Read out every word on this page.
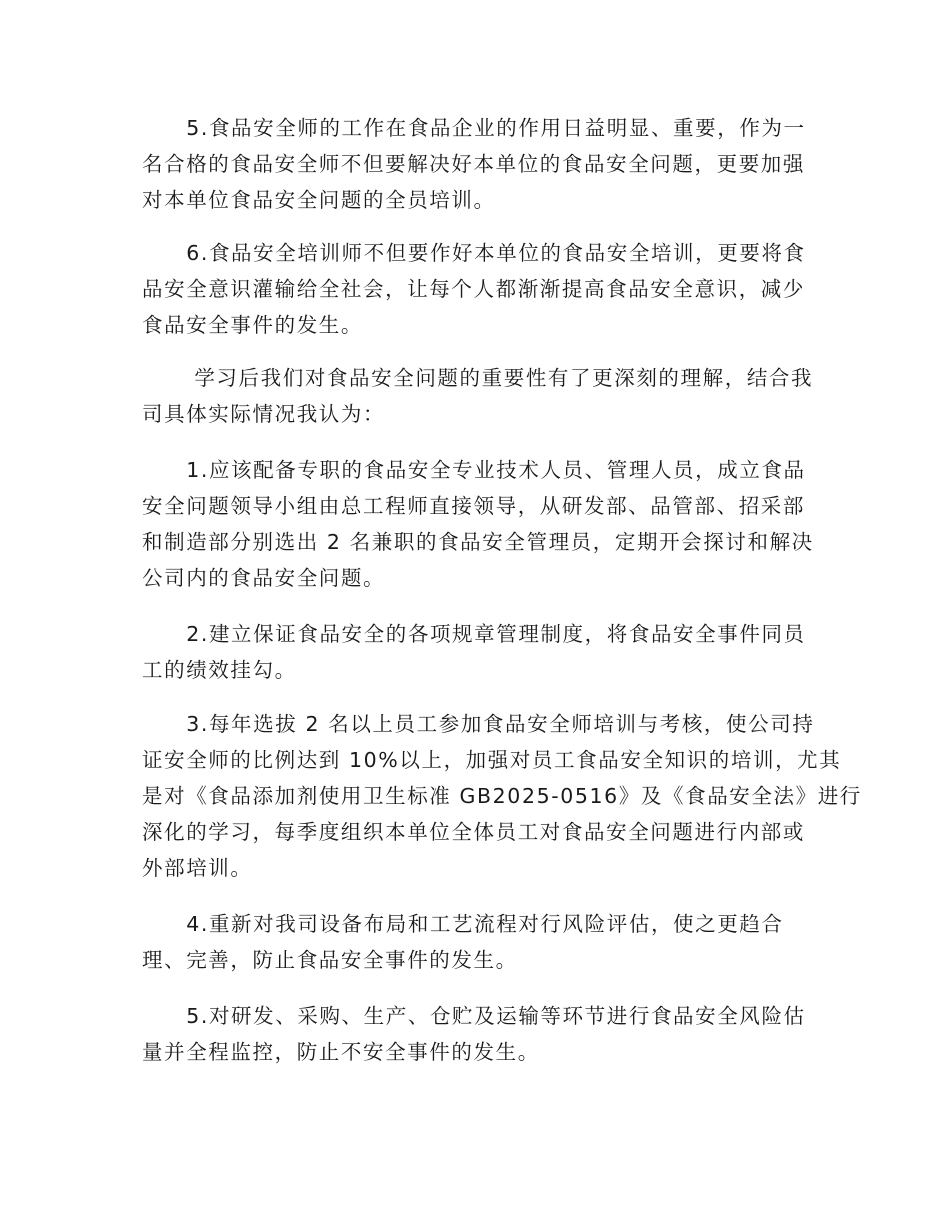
　　5.食品安全师的工作在食品企业的作用日益明显、重要，作为一
名合格的食品安全师不但要解决好本单位的食品安全问题，更要加强
对本单位食品安全问题的全员培训。
　　6.食品安全培训师不但要作好本单位的食品安全培训，更要将食
品安全意识灌输给全社会，让每个人都渐渐提高食品安全意识，减少
食品安全事件的发生。
　　 学习后我们对食品安全问题的重要性有了更深刻的理解，结合我
司具体实际情况我认为：
　　1.应该配备专职的食品安全专业技术人员、管理人员，成立食品
安全问题领导小组由总工程师直接领导，从研发部、品管部、招采部
和制造部分别选出 2 名兼职的食品安全管理员，定期开会探讨和解决
公司内的食品安全问题。
　　2.建立保证食品安全的各项规章管理制度，将食品安全事件同员
工的绩效挂勾。
　　3.每年选拔 2 名以上员工参加食品安全师培训与考核，使公司持
证安全师的比例达到 10%以上，加强对员工食品安全知识的培训，尤其
是对《食品添加剂使用卫生标准 GB2025-0516》及《食品安全法》进行
深化的学习，每季度组织本单位全体员工对食品安全问题进行内部或
外部培训。
　　4.重新对我司设备布局和工艺流程对行风险评估，使之更趋合
理、完善，防止食品安全事件的发生。
　　5.对研发、采购、生产、仓贮及运输等环节进行食品安全风险估
量并全程监控，防止不安全事件的发生。
